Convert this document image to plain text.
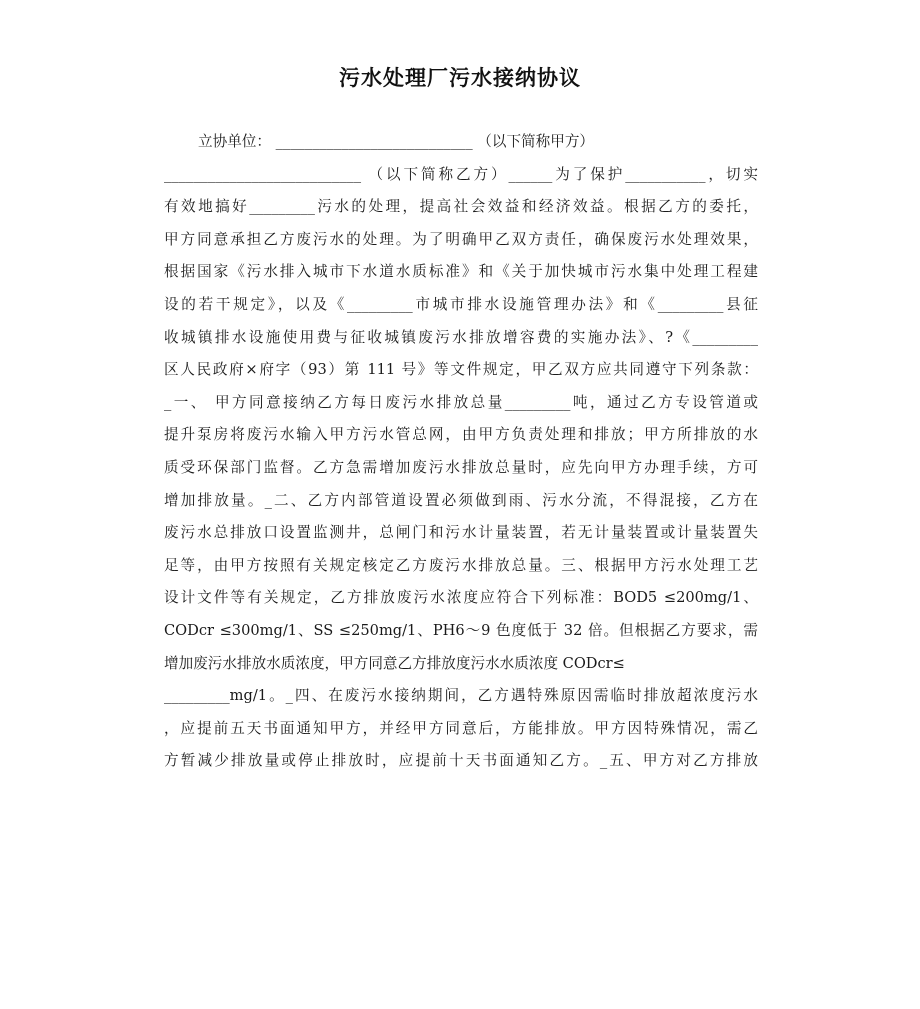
污水处理厂污水接纳协议
立协单位： ___________________________ （以下简称甲方）
___________________________ （以下简称乙方）______为了保护___________，切实
有效地搞好_________污水的处理，提高社会效益和经济效益。根据乙方的委托，
甲方同意承担乙方废污水的处理。为了明确甲乙双方责任，确保废污水处理效果，
根据国家《污水排入城市下水道水质标准》和《关于加快城市污水集中处理工程建
设的若干规定》，以及《_________市城市排水设施管理办法》和《_________县征
收城镇排水设施使用费与征收城镇废污水排放增容费的实施办法》、?《_________
区人民政府×府字（93）第 111 号》等文件规定，甲乙双方应共同遵守下列条款：
_一、 甲方同意接纳乙方每日废污水排放总量_________吨，通过乙方专设管道或
提升泵房将废污水输入甲方污水管总网，由甲方负责处理和排放；甲方所排放的水
质受环保部门监督。乙方急需增加废污水排放总量时，应先向甲方办理手续，方可
增加排放量。_二、乙方内部管道设置必须做到雨、污水分流，不得混接，乙方在
废污水总排放口设置监测井，总闸门和污水计量装置，若无计量装置或计量装置失
足等，由甲方按照有关规定核定乙方废污水排放总量。三、根据甲方污水处理工艺
设计文件等有关规定，乙方排放废污水浓度应符合下列标准：BOD5 ≤200mg/1、
CODcr ≤300mg/1、SS ≤250mg/1、PH6～9 色度低于 32 倍。但根据乙方要求，需
增加废污水排放水质浓度，甲方同意乙方排放度污水水质浓度 CODcr≤
_________mg/1。_四、在废污水接纳期间，乙方遇特殊原因需临时排放超浓度污水
，应提前五天书面通知甲方，并经甲方同意后，方能排放。甲方因特殊情况，需乙
方暂减少排放量或停止排放时，应提前十天书面通知乙方。_五、甲方对乙方排放
